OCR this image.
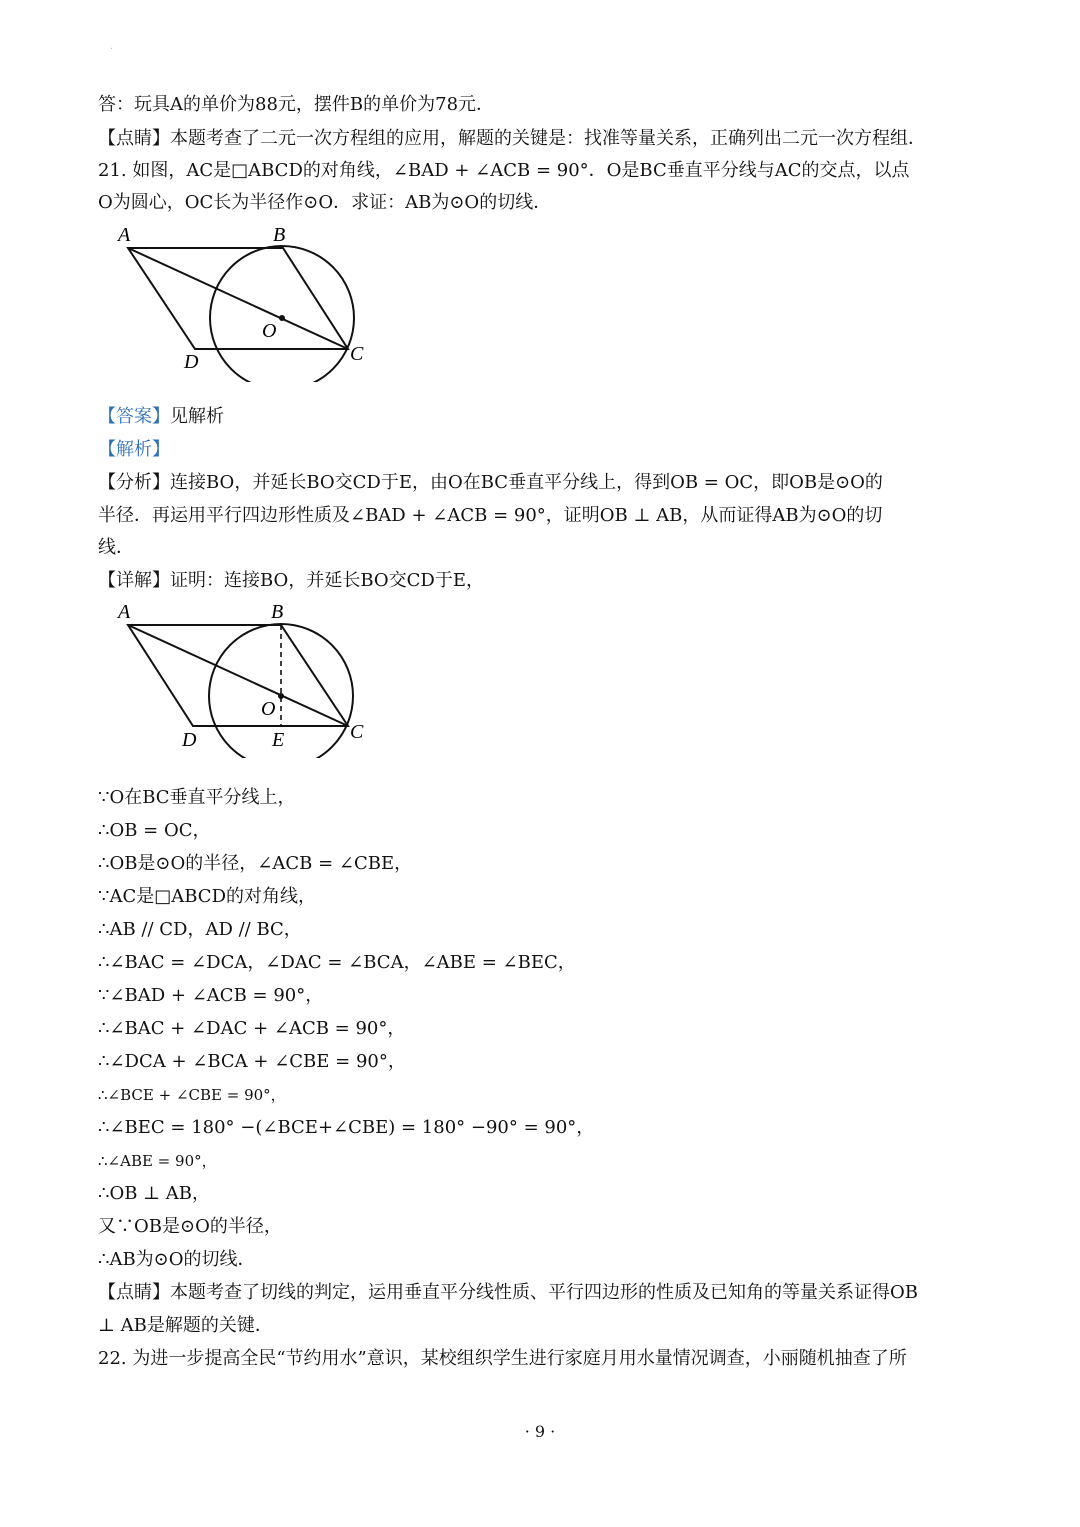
·
答：玩具A的单价为88元，摆件B的单价为78元．
【点睛】本题考查了二元一次方程组的应用，解题的关键是：找准等量关系，正确列出二元一次方程组．
21. 如图，AC是□ABCD的对角线，∠BAD + ∠ACB = 90°．O是BC垂直平分线与AC的交点，以点
O为圆心，OC长为半径作⊙O．求证：AB为⊙O的切线．
A	B
C
D
O
【答案】见解析
【解析】
【分析】连接BO，并延长BO交CD于E，由O在BC垂直平分线上，得到OB = OC，即OB是⊙O的
半径．再运用平行四边形性质及∠BAD + ∠ACB = 90°，证明OB ⊥ AB，从而证得AB为⊙O的切
线．
【详解】证明：连接BO，并延长BO交CD于E，
A	B
C
D
O
E
∵O在BC垂直平分线上，
∴OB = OC，
∴OB是⊙O的半径，∠ACB = ∠CBE，
∵AC是□ABCD的对角线，
∴AB // CD，AD // BC，
∴∠BAC = ∠DCA，∠DAC = ∠BCA，∠ABE = ∠BEC，
∵∠BAD + ∠ACB = 90°，
∴∠BAC + ∠DAC + ∠ACB = 90°，
∴∠DCA + ∠BCA + ∠CBE = 90°，
∴∠BCE + ∠CBE = 90°，
∴∠BEC = 180° −(∠BCE+∠CBE) = 180° −90° = 90°，
∴∠ABE = 90°，
∴OB ⊥ AB，
又∵OB是⊙O的半径，
∴AB为⊙O的切线．
【点睛】本题考查了切线的判定，运用垂直平分线性质、平行四边形的性质及已知角的等量关系证得OB
⊥ AB是解题的关键．
22. 为进一步提高全民“节约用水”意识，某校组织学生进行家庭月用水量情况调查，小丽随机抽查了所
· 9 ·
